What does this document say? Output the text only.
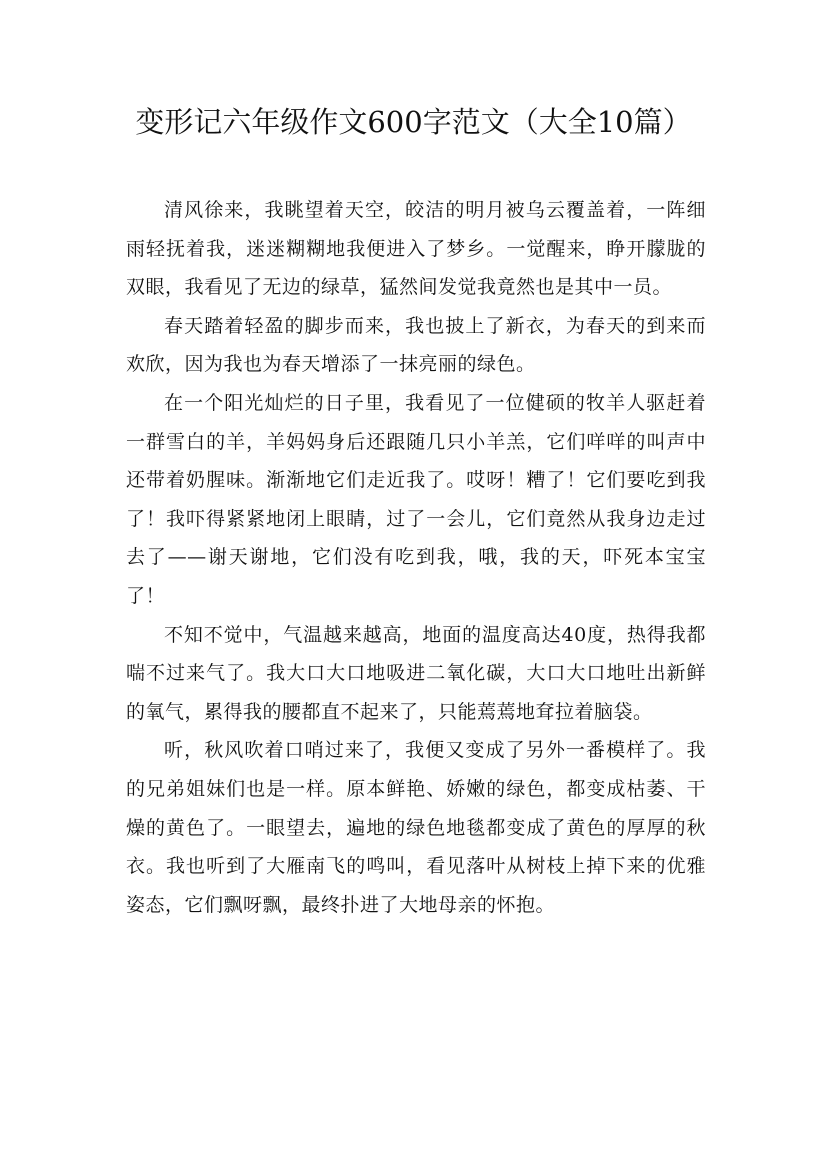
变形记六年级作文600字范文（大全10篇）

清风徐来，我眺望着天空，皎洁的明月被乌云覆盖着，一阵细雨轻抚着我，迷迷糊糊地我便进入了梦乡。一觉醒来，睁开朦胧的双眼，我看见了无边的绿草，猛然间发觉我竟然也是其中一员。

春天踏着轻盈的脚步而来，我也披上了新衣，为春天的到来而欢欣，因为我也为春天增添了一抹亮丽的绿色。

在一个阳光灿烂的日子里，我看见了一位健硕的牧羊人驱赶着一群雪白的羊，羊妈妈身后还跟随几只小羊羔，它们咩咩的叫声中还带着奶腥味。渐渐地它们走近我了。哎呀！糟了！它们要吃到我了！我吓得紧紧地闭上眼睛，过了一会儿，它们竟然从我身边走过去了——谢天谢地，它们没有吃到我，哦，我的天，吓死本宝宝了！

不知不觉中，气温越来越高，地面的温度高达40度，热得我都喘不过来气了。我大口大口地吸进二氧化碳，大口大口地吐出新鲜的氧气，累得我的腰都直不起来了，只能蔫蔫地耷拉着脑袋。

听，秋风吹着口哨过来了，我便又变成了另外一番模样了。我的兄弟姐妹们也是一样。原本鲜艳、娇嫩的绿色，都变成枯萎、干燥的黄色了。一眼望去，遍地的绿色地毯都变成了黄色的厚厚的秋衣。我也听到了大雁南飞的鸣叫，看见落叶从树枝上掉下来的优雅姿态，它们飘呀飘，最终扑进了大地母亲的怀抱。
